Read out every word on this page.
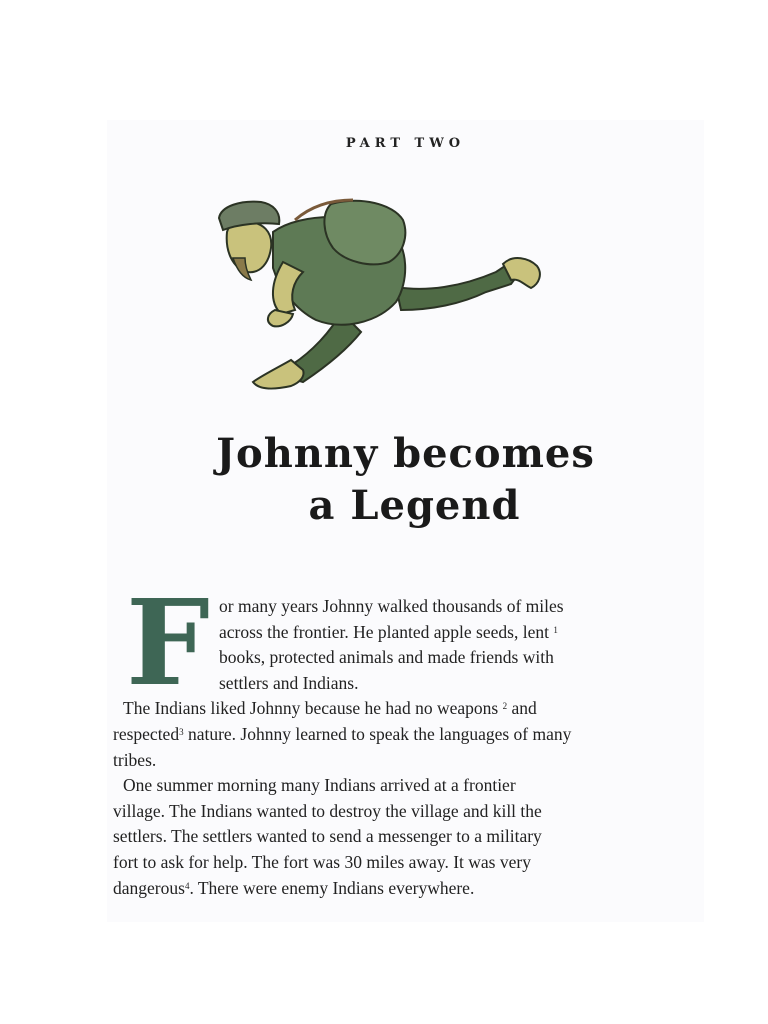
PART TWO
Johnny becomes
a Legend
F or many years Johnny walked thousands of miles
across the frontier. He planted apple seeds, lent $^1$
books, protected animals and made friends with
settlers and Indians.
The Indians liked Johnny because he had no weapons $^2$ and
respected$^3$ nature. Johnny learned to speak the languages of many
tribes.
One summer morning many Indians arrived at a frontier
village. The Indians wanted to destroy the village and kill the
settlers. The settlers wanted to send a messenger to a military
fort to ask for help. The fort was 30 miles away. It was very
dangerous$^4$. There were enemy Indians everywhere.
